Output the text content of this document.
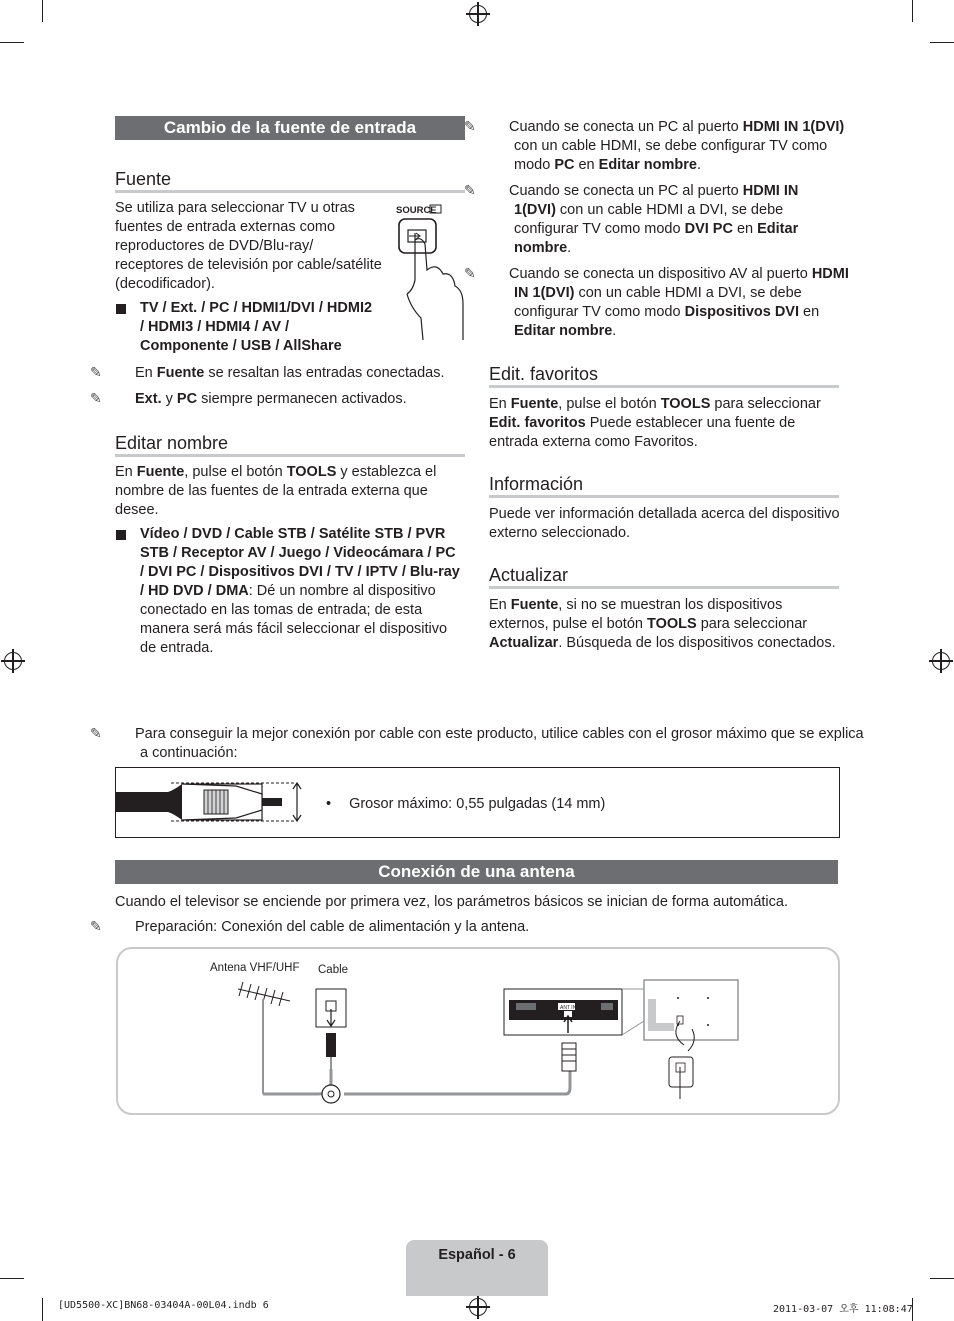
Cambio de la fuente de entrada
Fuente
Se utiliza para seleccionar TV u otras fuentes de entrada externas como reproductores de DVD/Blu-ray/ receptores de televisión por cable/satélite (decodificador).
SOURCE
TV / Ext. / PC / HDMI1/DVI / HDMI2 / HDMI3 / HDMI4 / AV / Componente / USB / AllShare
✎ En Fuente se resaltan las entradas conectadas.
✎ Ext. y PC siempre permanecen activados.
Editar nombre
En Fuente, pulse el botón TOOLS y establezca el nombre de las fuentes de la entrada externa que desee.
Vídeo / DVD / Cable STB / Satélite STB / PVR STB / Receptor AV / Juego / Videocámara / PC / DVI PC / Dispositivos DVI / TV / IPTV / Blu-ray / HD DVD / DMA: Dé un nombre al dispositivo conectado en las tomas de entrada; de esta manera será más fácil seleccionar el dispositivo de entrada.
✎ Cuando se conecta un PC al puerto HDMI IN 1(DVI) con un cable HDMI, se debe configurar TV como modo PC en Editar nombre.
✎ Cuando se conecta un PC al puerto HDMI IN 1(DVI) con un cable HDMI a DVI, se debe configurar TV como modo DVI PC en Editar nombre.
✎ Cuando se conecta un dispositivo AV al puerto HDMI IN 1(DVI) con un cable HDMI a DVI, se debe configurar TV como modo Dispositivos DVI en Editar nombre.
Edit. favoritos
En Fuente, pulse el botón TOOLS para seleccionar Edit. favoritos Puede establecer una fuente de entrada externa como Favoritos.
Información
Puede ver información detallada acerca del dispositivo externo seleccionado.
Actualizar
En Fuente, si no se muestran los dispositivos externos, pulse el botón TOOLS para seleccionar Actualizar. Búsqueda de los dispositivos conectados.
✎ Para conseguir la mejor conexión por cable con este producto, utilice cables con el grosor máximo que se explica a continuación:
• Grosor máximo: 0,55 pulgadas (14 mm)
Conexión de una antena
Cuando el televisor se enciende por primera vez, los parámetros básicos se inician de forma automática.
✎ Preparación: Conexión del cable de alimentación y la antena.
Antena VHF/UHF Cable
ANT IN
Español - 6
[UD5500-XC]BN68-03404A-00L04.indb 6	2011-03-07 오후 11:08:47
